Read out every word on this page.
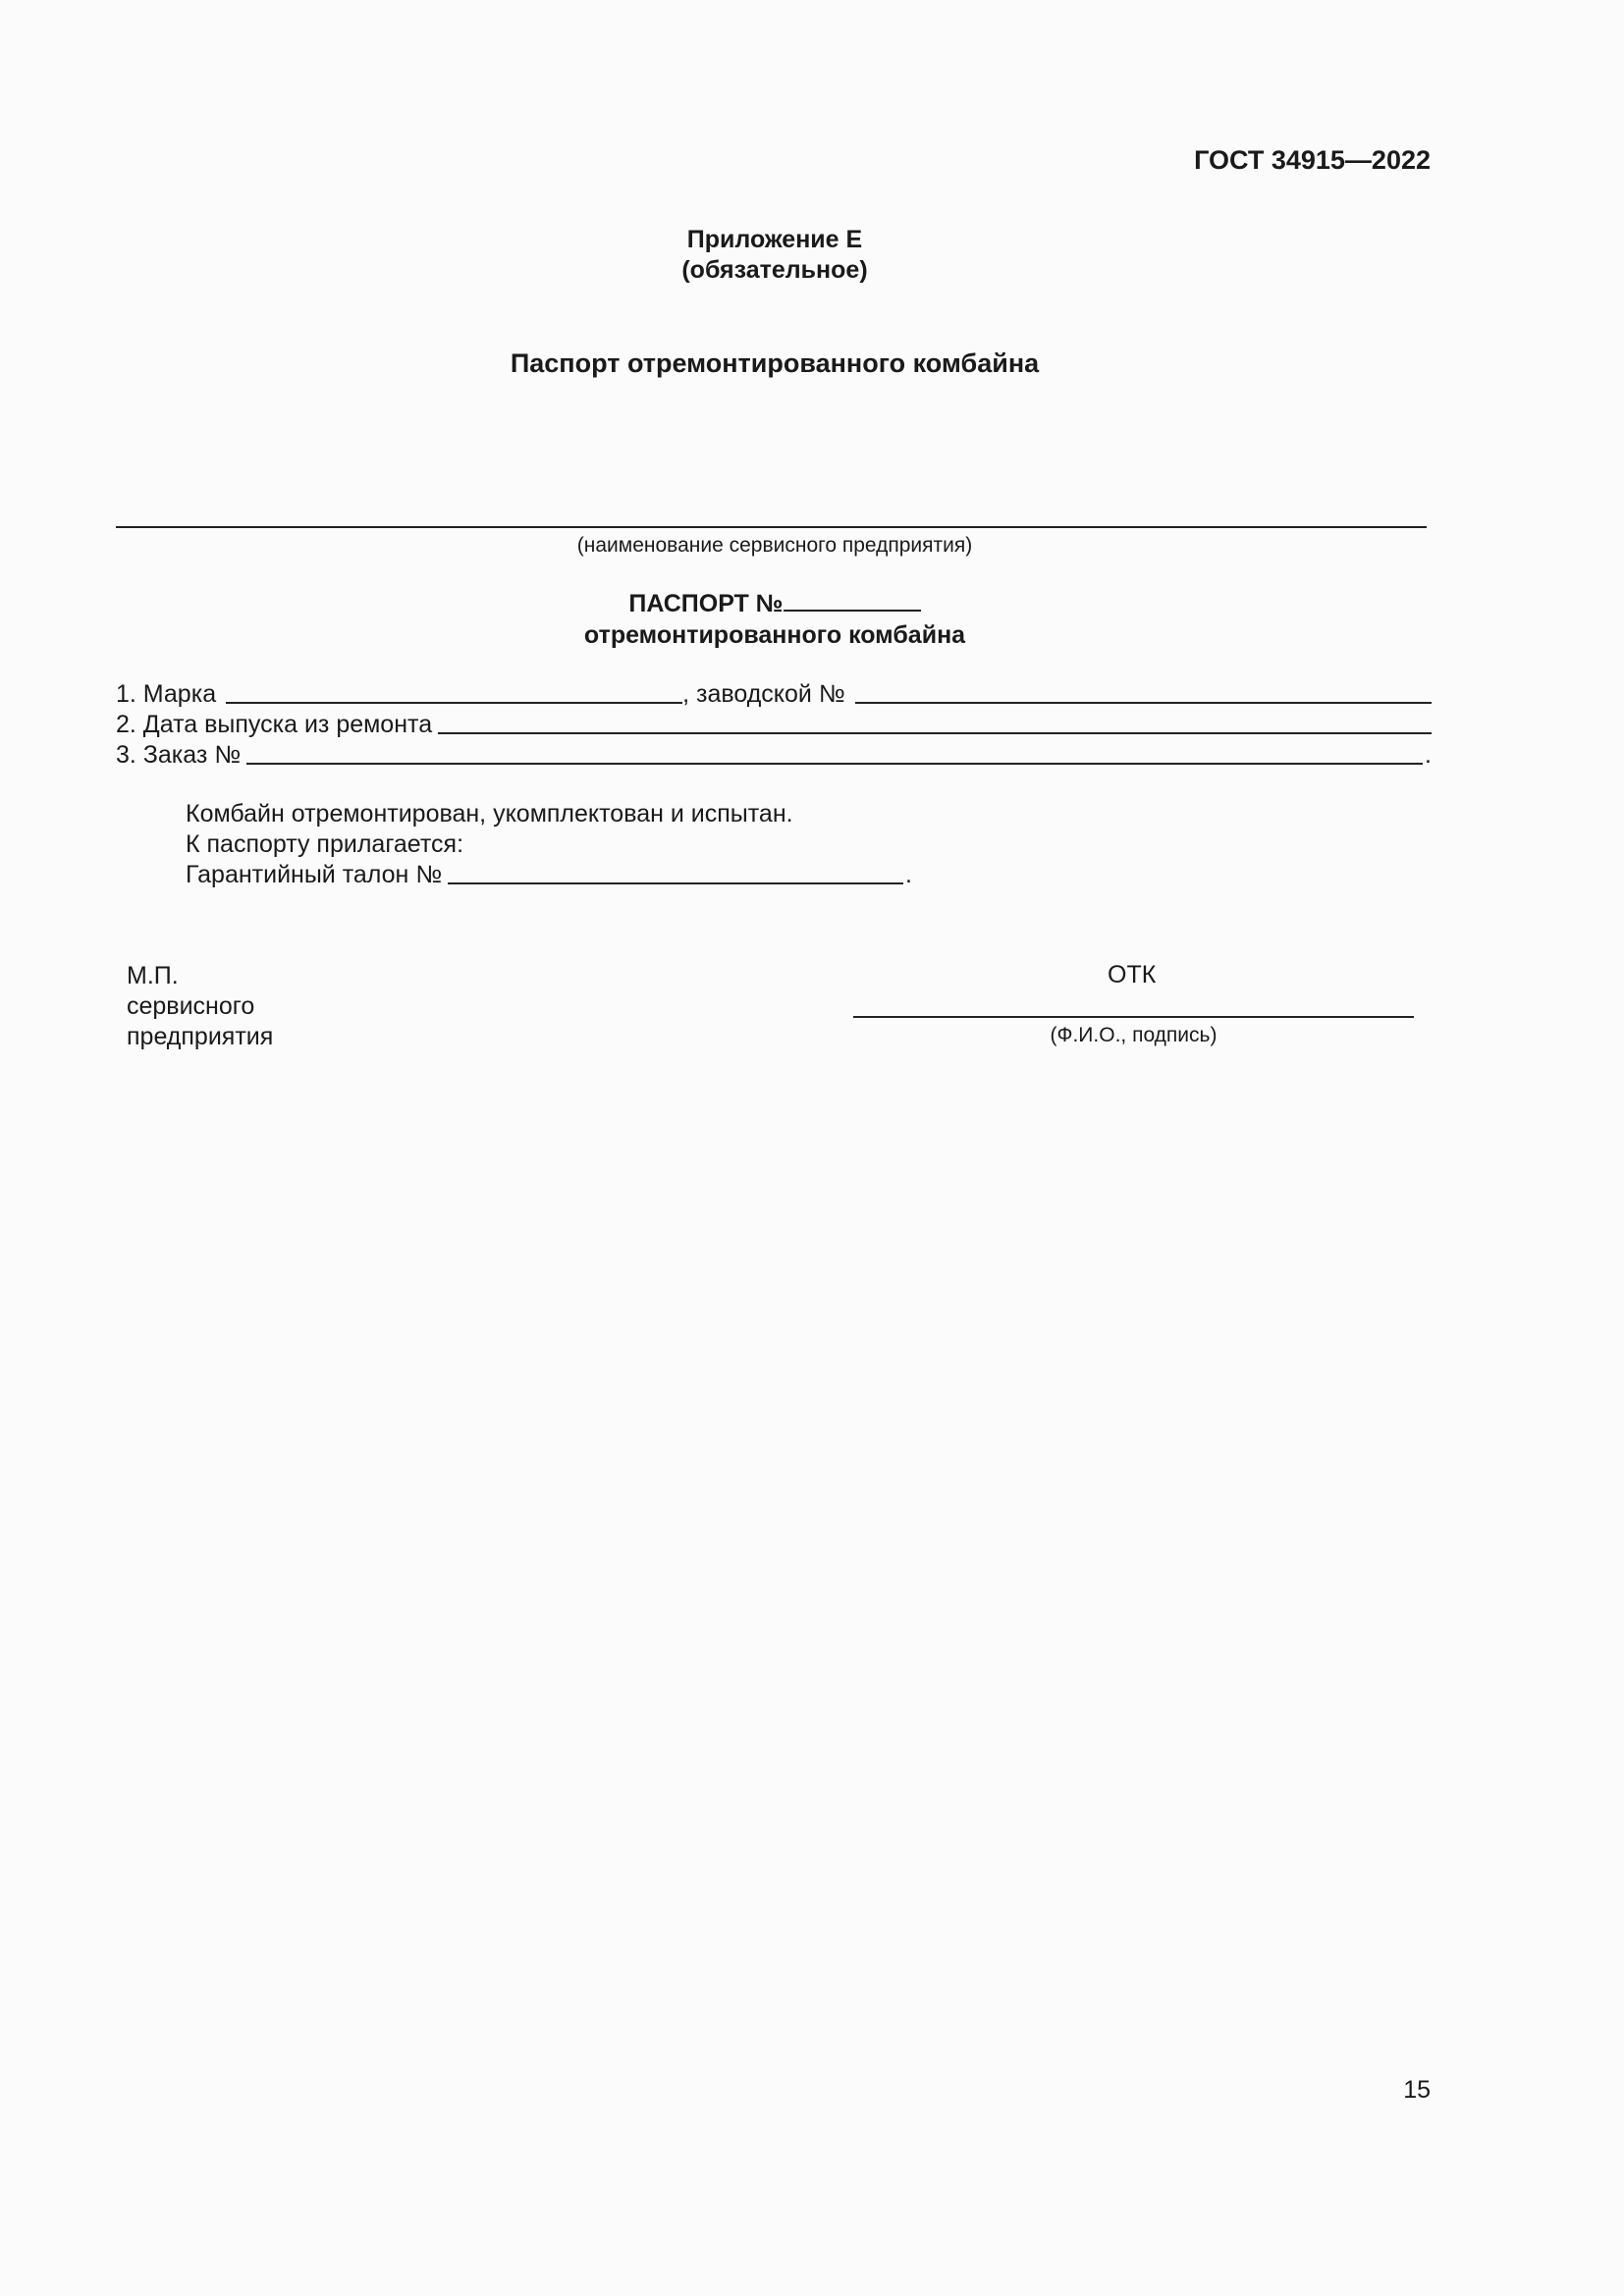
ГОСТ 34915—2022
Приложение Е
(обязательное)
Паспорт отремонтированного комбайна
(наименование сервисного предприятия)
ПАСПОРТ №
отремонтированного комбайна
1. Марка	, заводской №
2. Дата выпуска из ремонта
3. Заказ №	.
Комбайн отремонтирован, укомплектован и испытан.
К паспорту прилагается:
Гарантийный талон №	.
М.П.
сервисного
предприятия
ОТК
(Ф.И.О., подпись)
15
